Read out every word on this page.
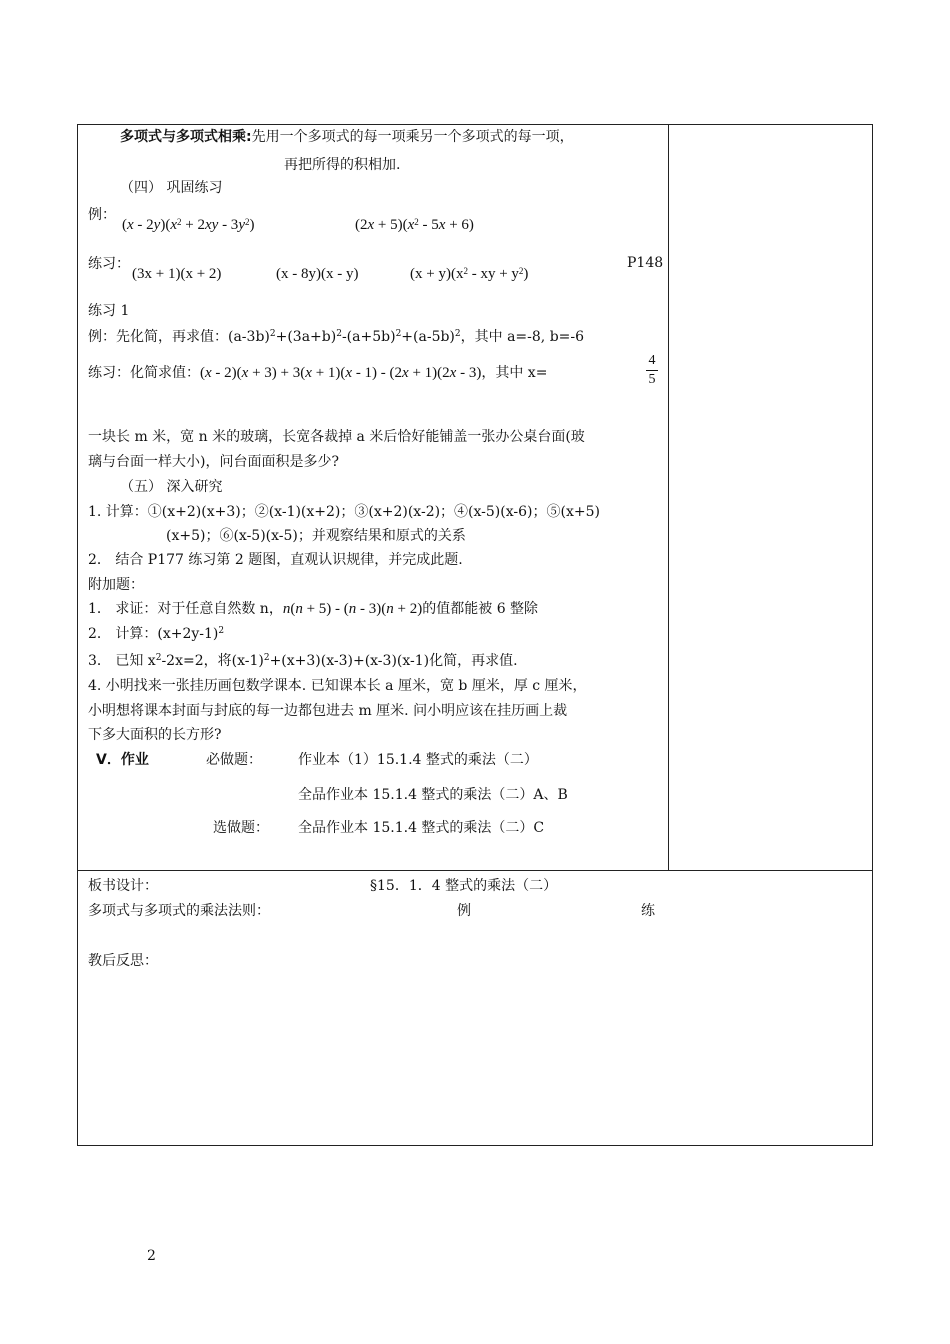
多项式与多项式相乘:先用一个多项式的每一项乘另一个多项式的每一项，
再把所得的积相加.
（四） 巩固练习
例：
$(x - 2y)(x^2 + 2xy - 3y^2)$	$(2x + 5)(x^2 - 5x + 6)$
练习：
(3x + 1)(x + 2)	(x - 8y)(x - y)	$(x + y)(x^2$ - xy + $y^2$)
P148
练习 1
例：先化简，再求值：$(a-3b)^2+(3a+b)^2-(a+5b)^2+(a-5b)^2$，其中 a=-8, b=-6
练习：化简求值：(x - 2)(x + 3) + 3(x + 1)(x - 1) - (2x + 1)(2x - 3)，其中 x=
4
5
一块长 m 米，宽 n 米的玻璃，长宽各裁掉 a 米后恰好能铺盖一张办公桌台面(玻
璃与台面一样大小)，问台面面积是多少?
（五） 深入研究
1. 计算：①(x+2)(x+3)；②(x-1)(x+2)；③(x+2)(x-2)；④(x-5)(x-6)；⑤(x+5)
(x+5)；⑥(x-5)(x-5)；并观察结果和原式的关系
2． 结合 P177 练习第 2 题图，直观认识规律，并完成此题.
附加题：
1． 求证：对于任意自然数 n，n(n + 5) - (n - 3)(n + 2)的值都能被 6 整除
2． 计算：$(x+2y-1)^2$
3． 已知 $x^2-2x=2$，将$(x-1)^2+(x+3)(x-3)+(x-3)(x-1)$化简，再求值.
4. 小明找来一张挂历画包数学课本. 已知课本长 a 厘米，宽 b 厘米，厚 c 厘米，
小明想将课本封面与封底的每一边都包进去 m 厘米. 问小明应该在挂历画上裁
下多大面积的长方形?
V．作业	必做题：	作业本（1）15.1.4 整式的乘法（二）
全品作业本 15.1.4 整式的乘法（二）A、B
选做题： 全品作业本 15.1.4 整式的乘法（二）C
板书设计：	§15．1．4 整式的乘法（二）
多项式与多项式的乘法法则：	例	练
教后反思：
2
